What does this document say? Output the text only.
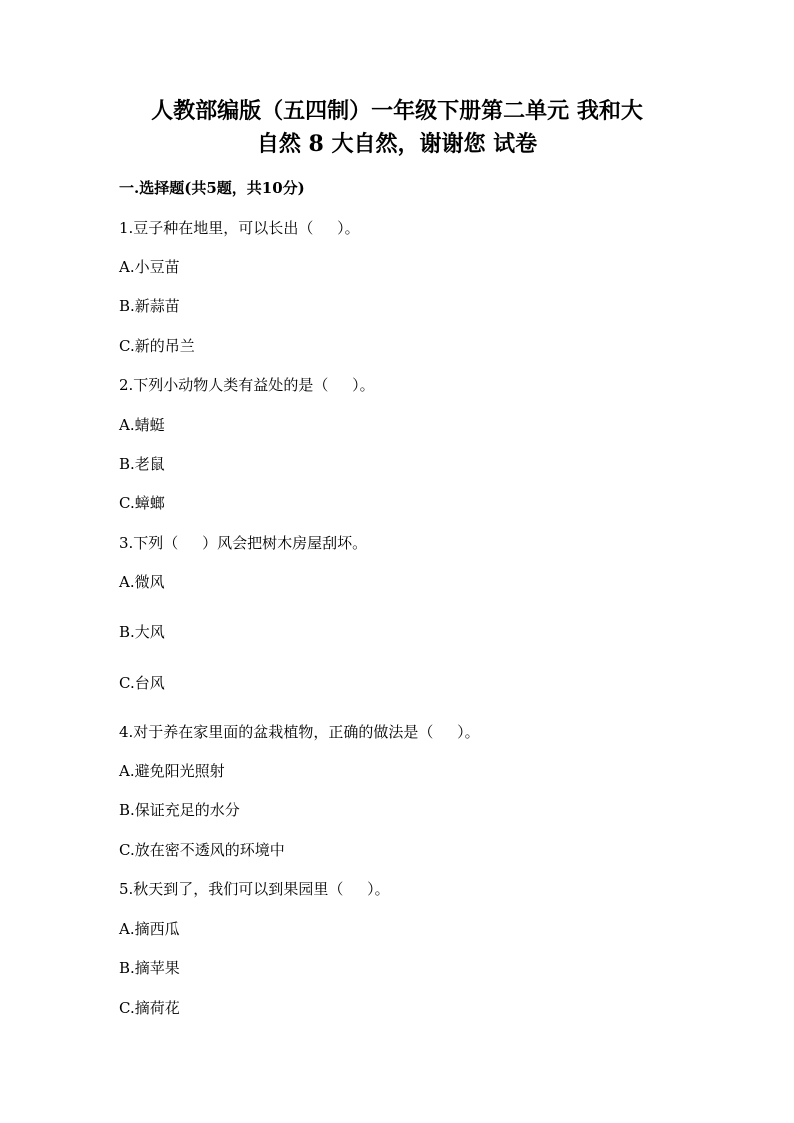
人教部编版（五四制）一年级下册第二单元 我和大
自然 8 大自然，谢谢您 试卷
一.选择题(共5题，共10分)
1.豆子种在地里，可以长出（     ）。
A.小豆苗
B.新蒜苗
C.新的吊兰
2.下列小动物人类有益处的是（     ）。
A.蜻蜓
B.老鼠
C.蟑螂
3.下列（     ）风会把树木房屋刮坏。
A.微风
B.大风
C.台风
4.对于养在家里面的盆栽植物，正确的做法是（     ）。
A.避免阳光照射
B.保证充足的水分
C.放在密不透风的环境中
5.秋天到了，我们可以到果园里（     ）。
A.摘西瓜
B.摘苹果
C.摘荷花
